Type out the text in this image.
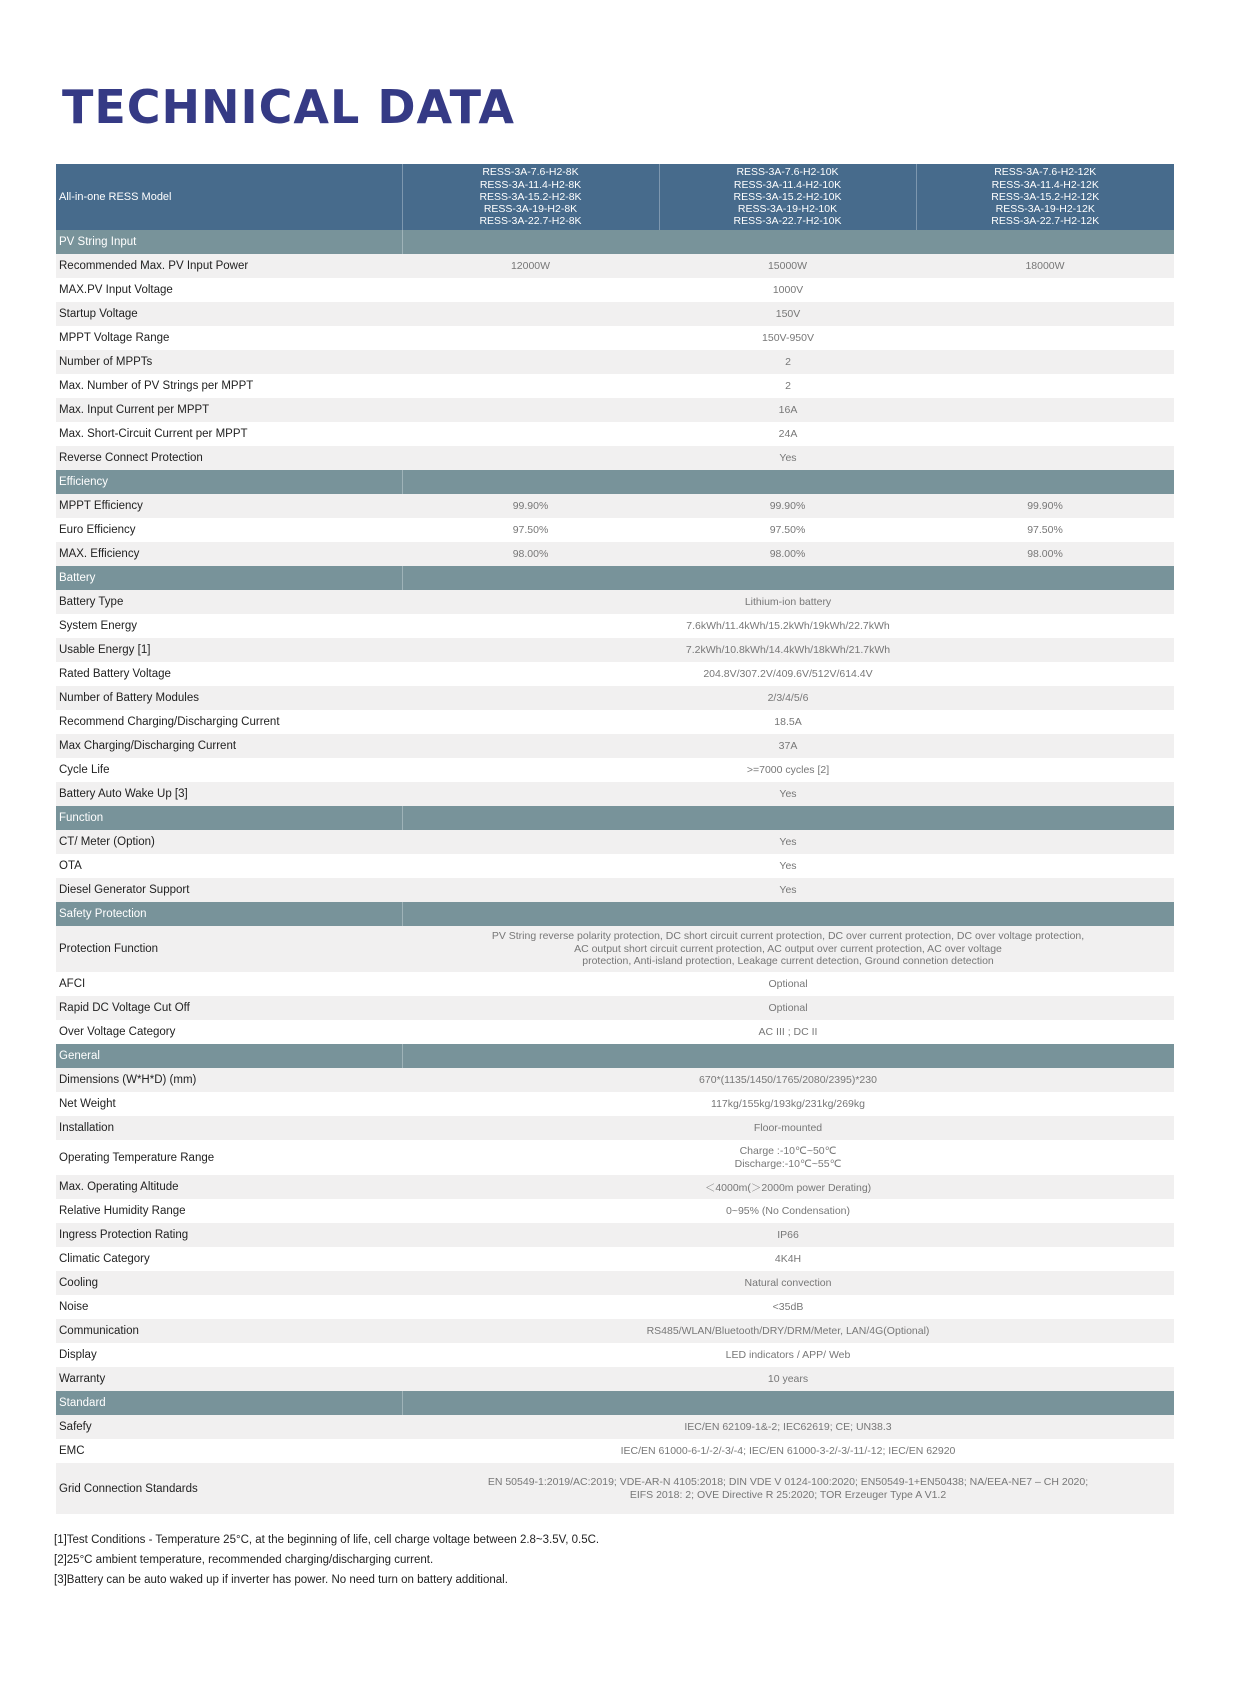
TECHNICAL DATA
All-in-one RESS Model	RESS-3A-7.6-H2-8K
RESS-3A-11.4-H2-8K
RESS-3A-15.2-H2-8K
RESS-3A-19-H2-8K
RESS-3A-22.7-H2-8K	RESS-3A-7.6-H2-10K
RESS-3A-11.4-H2-10K
RESS-3A-15.2-H2-10K
RESS-3A-19-H2-10K
RESS-3A-22.7-H2-10K	RESS-3A-7.6-H2-12K
RESS-3A-11.4-H2-12K
RESS-3A-15.2-H2-12K
RESS-3A-19-H2-12K
RESS-3A-22.7-H2-12K
PV String Input			
Recommended Max. PV Input Power	12000W	15000W	18000W
MAX.PV Input Voltage	1000V		
Startup Voltage	150V		
MPPT Voltage Range	150V-950V		
Number of MPPTs	2		
Max. Number of PV Strings per MPPT	2		
Max. Input Current per MPPT	16A		
Max. Short-Circuit Current per MPPT	24A		
Reverse Connect Protection	Yes		
Efficiency			
MPPT Efficiency	99.90%	99.90%	99.90%
Euro Efficiency	97.50%	97.50%	97.50%
MAX. Efficiency	98.00%	98.00%	98.00%
Battery			
Battery Type	Lithium-ion battery		
System Energy	7.6kWh/11.4kWh/15.2kWh/19kWh/22.7kWh		
Usable Energy [1]	7.2kWh/10.8kWh/14.4kWh/18kWh/21.7kWh		
Rated Battery Voltage	204.8V/307.2V/409.6V/512V/614.4V		
Number of Battery Modules	2/3/4/5/6		
Recommend Charging/Discharging Current	18.5A		
Max Charging/Discharging Current	37A		
Cycle Life	>=7000 cycles [2]		
Battery Auto Wake Up [3]	Yes		
Function			
CT/ Meter (Option)	Yes		
OTA	Yes		
Diesel Generator Support	Yes		
Safety Protection			
Protection Function	PV String reverse polarity protection, DC short circuit current protection, DC over current protection, DC over voltage protection,
AC output short circuit current protection, AC output over current protection, AC over voltage
protection, Anti-island protection, Leakage current detection, Ground connetion detection		
AFCI	Optional		
Rapid DC Voltage Cut Off	Optional		
Over Voltage Category	AC III ; DC II		
General			
Dimensions (W*H*D) (mm)	670*(1135/1450/1765/2080/2395)*230		
Net Weight	117kg/155kg/193kg/231kg/269kg		
Installation	Floor-mounted		
Operating Temperature Range	Charge :-10℃~50℃
Discharge:-10℃~55℃		
Max. Operating Altitude	＜4000m(＞2000m power Derating)		
Relative Humidity Range	0~95% (No Condensation)		
Ingress Protection Rating	IP66		
Climatic Category	4K4H		
Cooling	Natural convection		
Noise	<35dB		
Communication	RS485/WLAN/Bluetooth/DRY/DRM/Meter, LAN/4G(Optional)		
Display	LED indicators / APP/ Web		
Warranty	10 years		
Standard			
Safefy	IEC/EN 62109-1&-2; IEC62619; CE; UN38.3		
EMC	IEC/EN 61000-6-1/-2/-3/-4; IEC/EN 61000-3-2/-3/-11/-12; IEC/EN 62920		
Grid Connection Standards	EN 50549-1:2019/AC:2019; VDE-AR-N 4105:2018; DIN VDE V 0124-100:2020; EN50549-1+EN50438; NA/EEA-NE7 – CH 2020;
EIFS 2018: 2; OVE Directive R 25:2020; TOR Erzeuger Type A V1.2		
[1]Test Conditions - Temperature 25°C, at the beginning of life, cell charge voltage between 2.8~3.5V, 0.5C.
[2]25°C ambient temperature, recommended charging/discharging current.
[3]Battery can be auto waked up if inverter has power. No need turn on battery additional.
